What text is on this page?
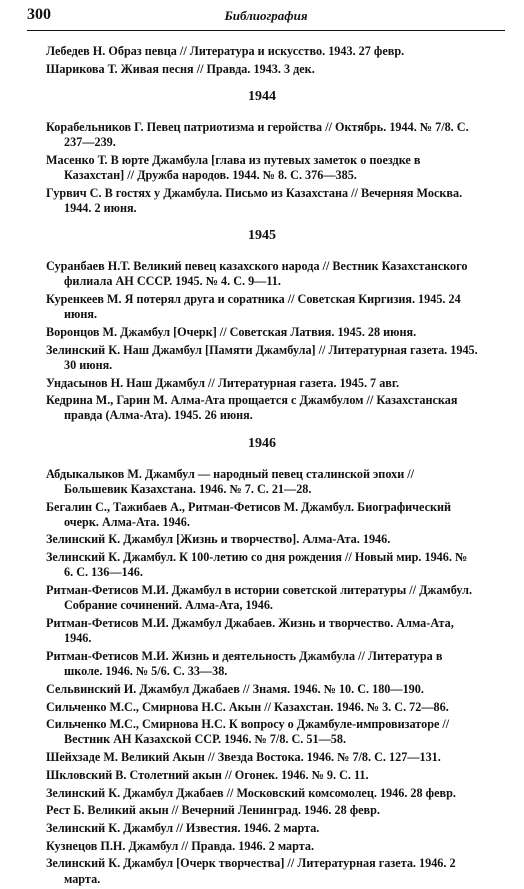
300	Библиография

Лебедев Н. Образ певца // Литература и искусство. 1943. 27 февр.

Шарикова Т. Живая песня // Правда. 1943. 3 дек.

1944

Корабельников Г. Певец патриотизма и геройства // Октябрь. 1944. № 7/8. С. 237—239.

Масенко Т. В юрте Джамбула [глава из путевых заметок о поездке в Казахстан] // Дружба народов. 1944. № 8. С. 376—385.

Гурвич С. В гостях у Джамбула. Письмо из Казахстана // Вечерняя Москва. 1944. 2 июня.

1945

Суранбаев Н.Т. Великий певец казахского народа // Вестник Казахстанского филиала АН СССР. 1945. № 4. С. 9—11.

Куренкеев М. Я потерял друга и соратника // Советская Киргизия. 1945. 24 июня.

Воронцов М. Джамбул [Очерк] // Советская Латвия. 1945. 28 июня.

Зелинский К. Наш Джамбул [Памяти Джамбула] // Литературная газета. 1945. 30 июня.

Ундасынов Н. Наш Джамбул // Литературная газета. 1945. 7 авг.

Кедрина М., Гарин М. Алма-Ата прощается с Джамбулом // Казахстанская правда (Алма-Ата). 1945. 26 июня.

1946

Абдыкалыков М. Джамбул — народный певец сталинской эпохи // Большевик Казахстана. 1946. № 7. С. 21—28.

Бегалин С., Тажибаев А., Ритман-Фетисов М. Джамбул. Биографический очерк. Алма-Ата. 1946.

Зелинский К. Джамбул [Жизнь и творчество]. Алма-Ата. 1946.

Зелинский К. Джамбул. К 100-летию со дня рождения // Новый мир. 1946. № 6. С. 136—146.

Ритман-Фетисов М.И. Джамбул в истории советской литературы // Джамбул. Собрание сочинений. Алма-Ата, 1946.

Ритман-Фетисов М.И. Джамбул Джабаев. Жизнь и творчество. Алма-Ата, 1946.

Ритман-Фетисов М.И. Жизнь и деятельность Джамбула // Литература в школе. 1946. № 5/6. С. 33—38.

Сельвинский И. Джамбул Джабаев // Знамя. 1946. № 10. С. 180—190.

Сильченко М.С., Смирнова Н.С. Акын // Казахстан. 1946. № 3. С. 72—86.

Сильченко М.С., Смирнова Н.С. К вопросу о Джамбуле-импровизаторе // Вестник АН Казахской ССР. 1946. № 7/8. С. 51—58.

Шейхзаде М. Великий Акын // Звезда Востока. 1946. № 7/8. С. 127—131.

Шкловский В. Столетний акын // Огонек. 1946. № 9. С. 11.

Зелинский К. Джамбул Джабаев // Московский комсомолец. 1946. 28 февр.

Рест Б. Великий акын // Вечерний Ленинград. 1946. 28 февр.

Зелинский К. Джамбул // Известия. 1946. 2 марта.

Кузнецов П.Н. Джамбул // Правда. 1946. 2 марта.

Зелинский К. Джамбул [Очерк творчества] // Литературная газета. 1946. 2 марта.
